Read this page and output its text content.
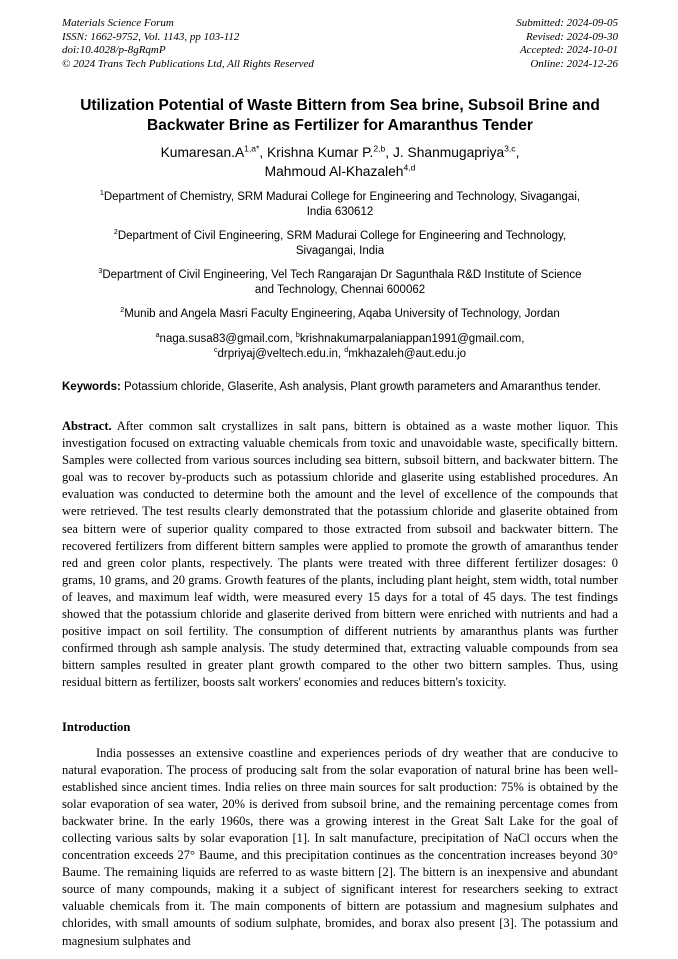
Materials Science Forum
ISSN: 1662-9752, Vol. 1143, pp 103-112
doi:10.4028/p-8gRqmP
© 2024 Trans Tech Publications Ltd, All Rights Reserved
Submitted: 2024-09-05
Revised: 2024-09-30
Accepted: 2024-10-01
Online: 2024-12-26
Utilization Potential of Waste Bittern from Sea brine, Subsoil Brine and
Backwater Brine as Fertilizer for Amaranthus Tender
$Kumaresan.A^{1,a*}$, Krishna Kumar P.$^{2,b}$, J. Shanmugapriya$^{3,c}$,
Mahmoud Al-Khazaleh$^{4,d}$
$^1$Department of Chemistry, SRM Madurai College for Engineering and Technology, Sivagangai, India 630612
$^2$Department of Civil Engineering, SRM Madurai College for Engineering and Technology, Sivagangai, India
$^3$Department of Civil Engineering, Vel Tech Rangarajan Dr Sagunthala R&D Institute of Science and Technology, Chennai 600062
$^2$Munib and Angela Masri Faculty Engineering, Aqaba University of Technology, Jordan
$^a$naga.susa83@gmail.com, $^b$krishnakumarpalaniappan1991@gmail.com,
$^c$drpriyaj@veltech.edu.in, $^d$mkhazaleh@aut.edu.jo
Keywords: Potassium chloride, Glaserite, Ash analysis, Plant growth parameters and Amaranthus tender.

Abstract. After common salt crystallizes in salt pans, bittern is obtained as a waste mother liquor. This investigation focused on extracting valuable chemicals from toxic and unavoidable waste, specifically bittern. Samples were collected from various sources including sea bittern, subsoil bittern, and backwater bittern. The goal was to recover by-products such as potassium chloride and glaserite using established procedures. An evaluation was conducted to determine both the amount and the level of excellence of the compounds that were retrieved. The test results clearly demonstrated that the potassium chloride and glaserite obtained from sea bittern were of superior quality compared to those extracted from subsoil and backwater bittern. The recovered fertilizers from different bittern samples were applied to promote the growth of amaranthus tender red and green color plants, respectively. The plants were treated with three different fertilizer dosages: 0 grams, 10 grams, and 20 grams. Growth features of the plants, including plant height, stem width, total number of leaves, and maximum leaf width, were measured every 15 days for a total of 45 days. The test findings showed that the potassium chloride and glaserite derived from bittern were enriched with nutrients and had a positive impact on soil fertility. The consumption of different nutrients by amaranthus plants was further confirmed through ash sample analysis. The study determined that, extracting valuable compounds from sea bittern samples resulted in greater plant growth compared to the other two bittern samples. Thus, using residual bittern as fertilizer, boosts salt workers' economies and reduces bittern's toxicity.

Introduction

India possesses an extensive coastline and experiences periods of dry weather that are conducive to natural evaporation. The process of producing salt from the solar evaporation of natural brine has been well-established since ancient times. India relies on three main sources for salt production: 75% is obtained by the solar evaporation of sea water, 20% is derived from subsoil brine, and the remaining percentage comes from backwater brine. In the early 1960s, there was a growing interest in the Great Salt Lake for the goal of collecting various salts by solar evaporation [1]. In salt manufacture, precipitation of NaCl occurs when the concentration exceeds 27° Baume, and this precipitation continues as the concentration increases beyond 30° Baume. The remaining liquids are referred to as waste bittern [2]. The bittern is an inexpensive and abundant source of many compounds, making it a subject of significant interest for researchers seeking to extract valuable chemicals from it. The main components of bittern are potassium and magnesium sulphates and chlorides, with small amounts of sodium sulphate, bromides, and borax also present [3]. The potassium and magnesium sulphates and
